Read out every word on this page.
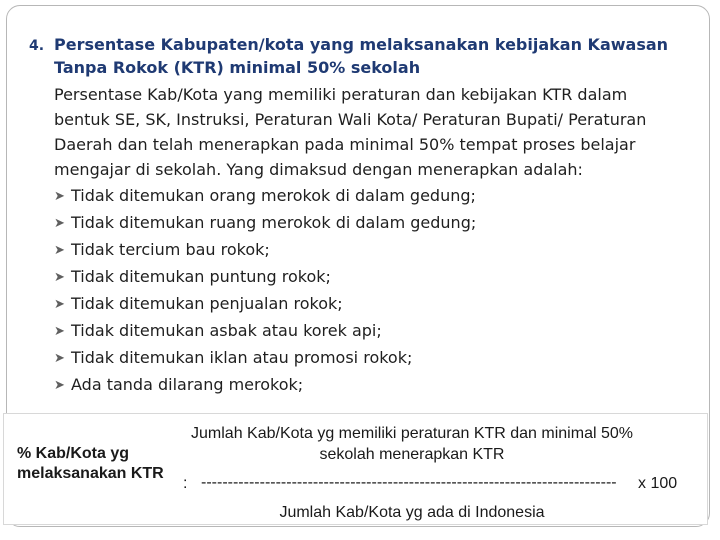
4. Persentase Kabupaten/kota yang melaksanakan kebijakan Kawasan Tanpa Rokok (KTR) minimal 50% sekolah
Persentase Kab/Kota yang memiliki peraturan dan kebijakan KTR dalam bentuk SE, SK, Instruksi, Peraturan Wali Kota/ Peraturan Bupati/ Peraturan Daerah dan telah menerapkan pada minimal 50% tempat proses belajar mengajar di sekolah. Yang dimaksud dengan menerapkan adalah:
➤ Tidak ditemukan orang merokok di dalam gedung;
➤ Tidak ditemukan ruang merokok di dalam gedung;
➤ Tidak tercium bau rokok;
➤ Tidak ditemukan puntung rokok;
➤ Tidak ditemukan penjualan rokok;
➤ Tidak ditemukan asbak atau korek api;
➤ Tidak ditemukan iklan atau promosi rokok;
➤ Ada tanda dilarang merokok;
% Kab/Kota yg melaksanakan KTR
Jumlah Kab/Kota yg memiliki peraturan KTR dan minimal 50% sekolah menerapkan KTR
: ------------------------------------------------------------------------------	x 100
Jumlah Kab/Kota yg ada di Indonesia
